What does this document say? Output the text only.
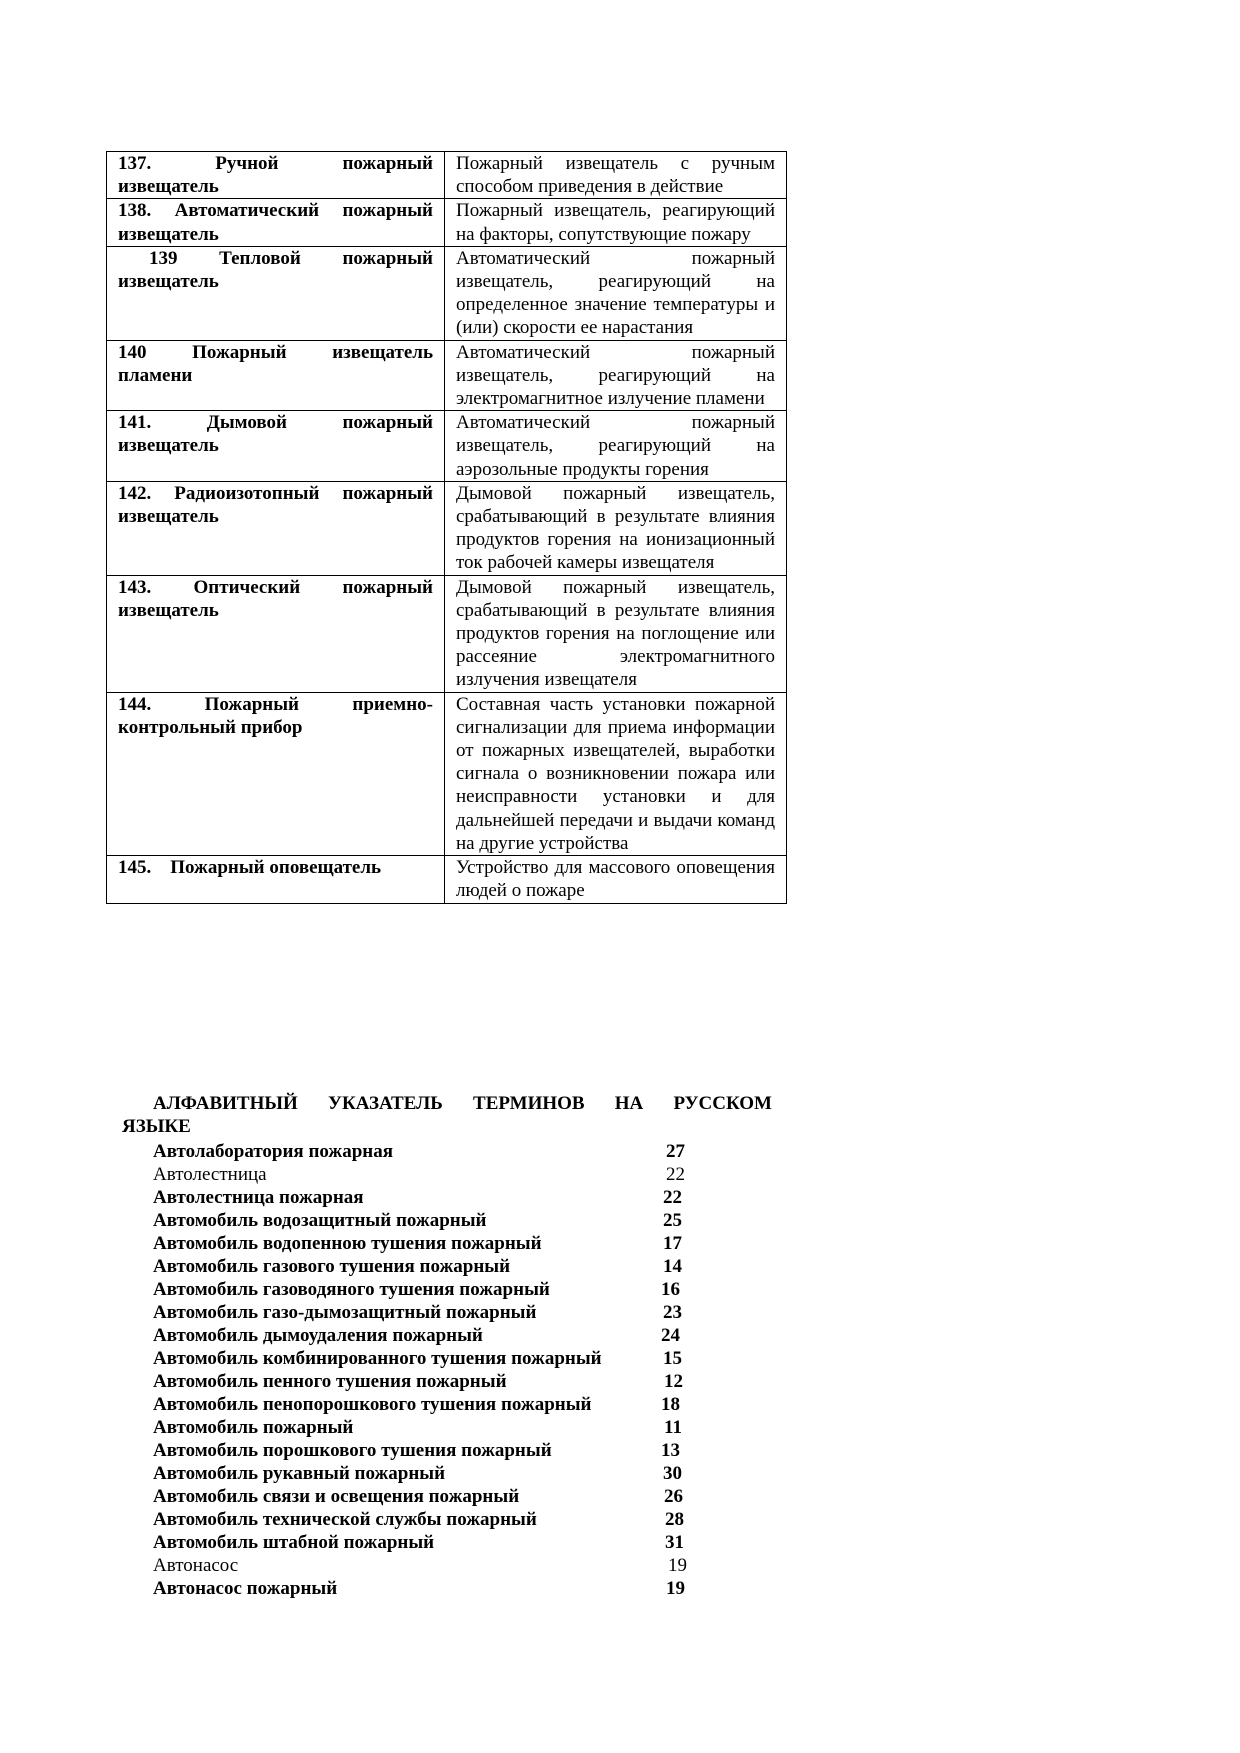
137. Ручной пожарный
извещатель	Пожарный извещатель с ручным способом приведения в действие

138. Автоматический пожарный
извещатель	Пожарный извещатель, реагирующий на факторы, сопутствующие пожару

139 Тепловой пожарный
извещатель	Автоматический пожарный извещатель, реагирующий на определенное значение температуры и (или) скорости ее нарастания

140 Пожарный извещатель
пламени	Автоматический пожарный извещатель, реагирующий на электромагнитное излучение пламени

141. Дымовой пожарный
извещатель	Автоматический пожарный извещатель, реагирующий на аэрозольные продукты горения

142. Радиоизотопный пожарный
извещатель	Дымовой пожарный извещатель, срабатывающий в результате влияния продуктов горения на ионизационный ток рабочей камеры извещателя

143. Оптический пожарный
извещатель	Дымовой пожарный извещатель, срабатывающий в результате влияния продуктов горения на поглощение или рассеяние электромагнитного излучения извещателя

144. Пожарный приемно-
контрольный прибор	Составная часть установки пожарной сигнализации для приема информации от пожарных извещателей, выработки сигнала о возникновении пожара или неисправности установки и для дальнейшей передачи и выдачи команд на другие устройства

145.    Пожарный оповещатель	Устройство для массового оповещения людей о пожаре
АЛФАВИТНЫЙ УКАЗАТЕЛЬ ТЕРМИНОВ НА РУССКОМ
ЯЗЫКЕ
Автолаборатория пожарная	27
Автолестница	22
Автолестница пожарная	22
Автомобиль водозащитный пожарный	25
Автомобиль водопенною тушения пожарный	17
Автомобиль газового тушения пожарный	14
Автомобиль газоводяного тушения пожарный	16
Автомобиль газо-дымозащитный пожарный	23
Автомобиль дымоудаления пожарный	24
Автомобиль комбинированного тушения пожарный	15
Автомобиль пенного тушения пожарный	12
Автомобиль пенопорошкового тушения пожарный	18
Автомобиль пожарный	11
Автомобиль порошкового тушения пожарный	13
Автомобиль рукавный пожарный	30
Автомобиль связи и освещения пожарный	26
Автомобиль технической службы пожарный	28
Автомобиль штабной пожарный	31
Автонасос	19
Автонасос пожарный	19
